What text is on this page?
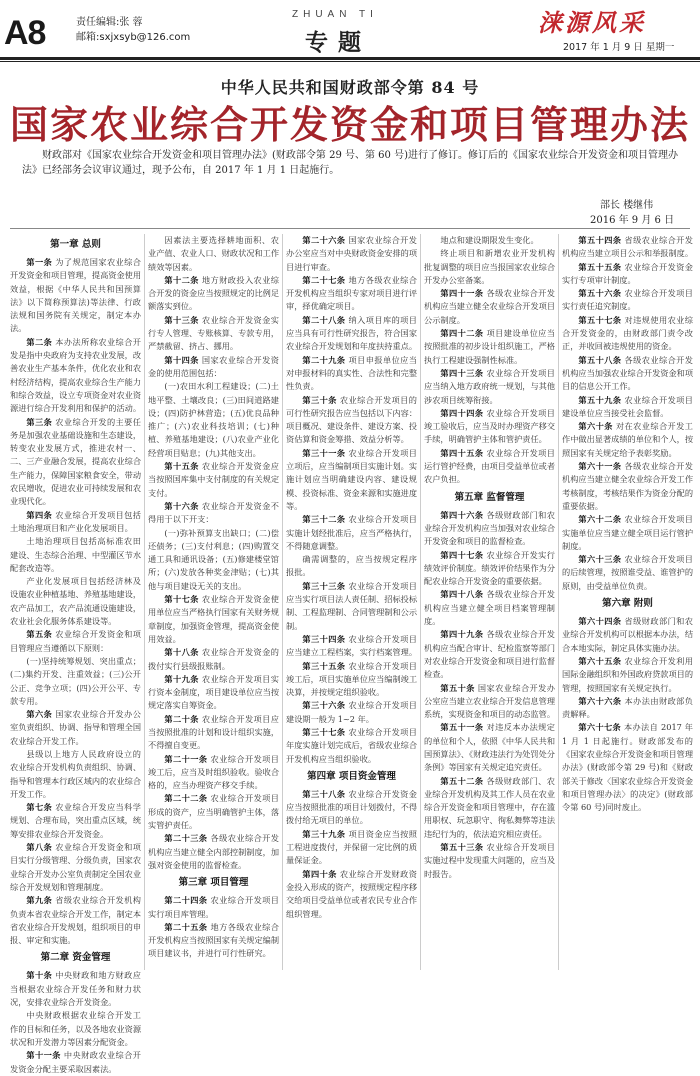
A8	责任编辑:张 蓉
邮箱:sxjxsyb@126.com
ZHUAN TI
专题
涞源风采
2017 年 1 月 9 日 星期一
中华人民共和国财政部令第 84 号
国家农业综合开发资金和项目管理办法
财政部对《国家农业综合开发资金和项目管理办法》(财政部令第 29 号、第 60 号)进行了修订。修订后的《国家农业综合开发资金和项目管理办法》已经部务会议审议通过，现予公布，自 2017 年 1 月 1 日起施行。
部长 楼继伟
2016 年 9 月 6 日
第一章 总则
第一条 为了规范国家农业综合开发资金和项目管理，提高资金使用效益，根据《中华人民共和国预算法》以下简称预算法)等法律、行政法规和国务院有关规定，制定本办法。
第二条 本办法所称农业综合开发是指中央政府为支持农业发展，改善农业生产基本条件，优化农业和农村经济结构，提高农业综合生产能力和综合效益，设立专项资金对农业资源进行综合开发利用和保护的活动。
第三条 农业综合开发的主要任务是加强农业基础设施和生态建设，转变农业发展方式，推进农村一、二、三产业融合发展，提高农业综合生产能力，保障国家粮食安全，带动农民增收，促进农业可持续发展和农业现代化。
第四条 农业综合开发项目包括土地治理项目和产业化发展项目。
土地治理项目包括高标准农田建设、生态综合治理、中型灌区节水配套改造等。
产业化发展项目包括经济林及设施农业种植基地、养殖基地建设，农产品加工，农产品流通设施建设，农业社会化服务体系建设等。
第五条 农业综合开发资金和项目管理应当遵循以下原则：
(一)坚持统筹规划、突出重点；(二)集约开发、注重效益；(三)公开公正、竞争立项；(四)公开公平、专款专用。
第六条 国家农业综合开发办公室负责组织、协调、指导和管理全国农业综合开发工作。
县级以上地方人民政府设立的农业综合开发机构负责组织、协调、指导和管理本行政区域内的农业综合开发工作。
第七条 农业综合开发应当科学规划、合理布局，突出重点区域，统筹安排农业综合开发资金。
第八条 农业综合开发资金和项目实行分级管理、分级负责，国家农业综合开发办公室负责制定全国农业综合开发规划和管理制度。
第九条 省级农业综合开发机构负责本省农业综合开发工作，制定本省农业综合开发规划，组织项目的申报、审定和实施。
第二章 资金管理
第十条 中央财政和地方财政应当根据农业综合开发任务和财力状况，安排农业综合开发资金。
中央财政根据农业综合开发工作的目标和任务，以及各地农业资源状况和开发潜力等因素分配资金。
第十一条 中央财政农业综合开发资金分配主要采取因素法。
因素法主要选择耕地面积、农业产值、农业人口、财政状况和工作绩效等因素。
第十二条 地方财政投入农业综合开发的资金应当按照规定的比例足额落实到位。
第十三条 农业综合开发资金实行专人管理、专账核算、专款专用，严禁截留、挤占、挪用。
第十四条 国家农业综合开发资金的使用范围包括：
(一)农田水利工程建设；(二)土地平整、土壤改良；(三)田间道路建设；(四)防护林营造；(五)优良品种推广；(六)农业科技培训；(七)种植、养殖基地建设；(八)农业产业化经营项目贴息；(九)其他支出。
第十五条 农业综合开发资金应当按照国库集中支付制度的有关规定支付。
第十六条 农业综合开发资金不得用于以下开支：
(一)弥补预算支出缺口；(二)偿还债务；(三)支付利息；(四)购置交通工具和通讯设备；(五)修建楼堂馆所；(六)发放各种奖金津贴；(七)其他与项目建设无关的支出。
第十七条 农业综合开发资金使用单位应当严格执行国家有关财务规章制度，加强资金管理，提高资金使用效益。
第十八条 农业综合开发资金的拨付实行县级报账制。
第十九条 农业综合开发项目实行资本金制度，项目建设单位应当按规定落实自筹资金。
第二十条 农业综合开发项目应当按照批准的计划和设计组织实施，不得擅自变更。
第二十一条 农业综合开发项目竣工后，应当及时组织验收。验收合格的，应当办理资产移交手续。
第二十二条 农业综合开发项目形成的资产，应当明确管护主体，落实管护责任。
第二十三条 各级农业综合开发机构应当建立健全内部控制制度，加强对资金使用的监督检查。
第三章 项目管理
第二十四条 农业综合开发项目实行项目库管理。
第二十五条 地方各级农业综合开发机构应当按照国家有关规定编制项目建议书，并进行可行性研究。
第二十六条 国家农业综合开发办公室应当对中央财政资金安排的项目进行审查。
第二十七条 地方各级农业综合开发机构应当组织专家对项目进行评审，择优确定项目。
第二十八条 纳入项目库的项目应当具有可行性研究报告，符合国家农业综合开发规划和年度扶持重点。
第二十九条 项目申报单位应当对申报材料的真实性、合法性和完整性负责。
第三十条 农业综合开发项目的可行性研究报告应当包括以下内容：项目概况、建设条件、建设方案、投资估算和资金筹措、效益分析等。
第三十一条 农业综合开发项目立项后，应当编制项目实施计划。实施计划应当明确建设内容、建设规模、投资标准、资金来源和实施进度等。
第三十二条 农业综合开发项目实施计划经批准后，应当严格执行，不得随意调整。
确需调整的，应当按规定程序报批。
第三十三条 农业综合开发项目应当实行项目法人责任制、招标投标制、工程监理制、合同管理制和公示制。
第三十四条 农业综合开发项目应当建立工程档案，实行档案管理。
第三十五条 农业综合开发项目竣工后，项目实施单位应当编制竣工决算，并按规定组织验收。
第三十六条 农业综合开发项目建设期一般为 1~2 年。
第三十七条 农业综合开发项目年度实施计划完成后，省级农业综合开发机构应当组织验收。
第四章 项目资金管理
第三十八条 农业综合开发资金应当按照批准的项目计划拨付，不得拨付给无项目的单位。
第三十九条 项目资金应当按照工程进度拨付，并保留一定比例的质量保证金。
第四十条 农业综合开发财政资金投入形成的资产，按照规定程序移交给项目受益单位或者农民专业合作组织管理。
地点和建设期限发生变化。
终止项目和新增农业开发机构批复调整的项目应当报国家农业综合开发办公室备案。
第四十一条 各级农业综合开发机构应当建立健全农业综合开发项目公示制度。
第四十二条 项目建设单位应当按照批准的初步设计组织施工，严格执行工程建设强制性标准。
第四十三条 农业综合开发项目应当纳入地方政府统一规划，与其他涉农项目统筹衔接。
第四十四条 农业综合开发项目竣工验收后，应当及时办理资产移交手续，明确管护主体和管护责任。
第四十五条 农业综合开发项目运行管护经费，由项目受益单位或者农户负担。
第五章 监督管理
第四十六条 各级财政部门和农业综合开发机构应当加强对农业综合开发资金和项目的监督检查。
第四十七条 农业综合开发实行绩效评价制度。绩效评价结果作为分配农业综合开发资金的重要依据。
第四十八条 各级农业综合开发机构应当建立健全项目档案管理制度。
第四十九条 各级农业综合开发机构应当配合审计、纪检监察等部门对农业综合开发资金和项目进行监督检查。
第五十条 国家农业综合开发办公室应当建立农业综合开发信息管理系统，实现资金和项目的动态监管。
第五十一条 对违反本办法规定的单位和个人，依照《中华人民共和国预算法》、《财政违法行为处罚处分条例》等国家有关规定追究责任。
第五十二条 各级财政部门、农业综合开发机构及其工作人员在农业综合开发资金和项目管理中，存在滥用职权、玩忽职守、徇私舞弊等违法违纪行为的，依法追究相应责任。
第五十三条 农业综合开发项目实施过程中发现重大问题的，应当及时报告。
第五十四条 省级农业综合开发机构应当建立项目公示和举报制度。
第五十五条 农业综合开发资金实行专项审计制度。
第五十六条 农业综合开发项目实行责任追究制度。
第五十七条 对违规使用农业综合开发资金的，由财政部门责令改正，并收回被违规使用的资金。
第五十八条 各级农业综合开发机构应当加强农业综合开发资金和项目的信息公开工作。
第五十九条 农业综合开发项目建设单位应当接受社会监督。
第六十条 对在农业综合开发工作中做出显著成绩的单位和个人，按照国家有关规定给予表彰奖励。
第六十一条 各级农业综合开发机构应当建立健全农业综合开发工作考核制度，考核结果作为资金分配的重要依据。
第六十二条 农业综合开发项目实施单位应当建立健全项目运行管护制度。
第六十三条 农业综合开发项目的后续管理，按照谁受益、谁管护的原则，由受益单位负责。
第六章 附则
第六十四条 省级财政部门和农业综合开发机构可以根据本办法，结合本地实际，制定具体实施办法。
第六十五条 农业综合开发利用国际金融组织和外国政府贷款项目的管理，按照国家有关规定执行。
第六十六条 本办法由财政部负责解释。
第六十七条 本办法自 2017 年 1 月 1 日起施行。财政部发布的《国家农业综合开发资金和项目管理办法》(财政部令第 29 号)和《财政部关于修改〈国家农业综合开发资金和项目管理办法〉的决定》(财政部令第 60 号)同时废止。
